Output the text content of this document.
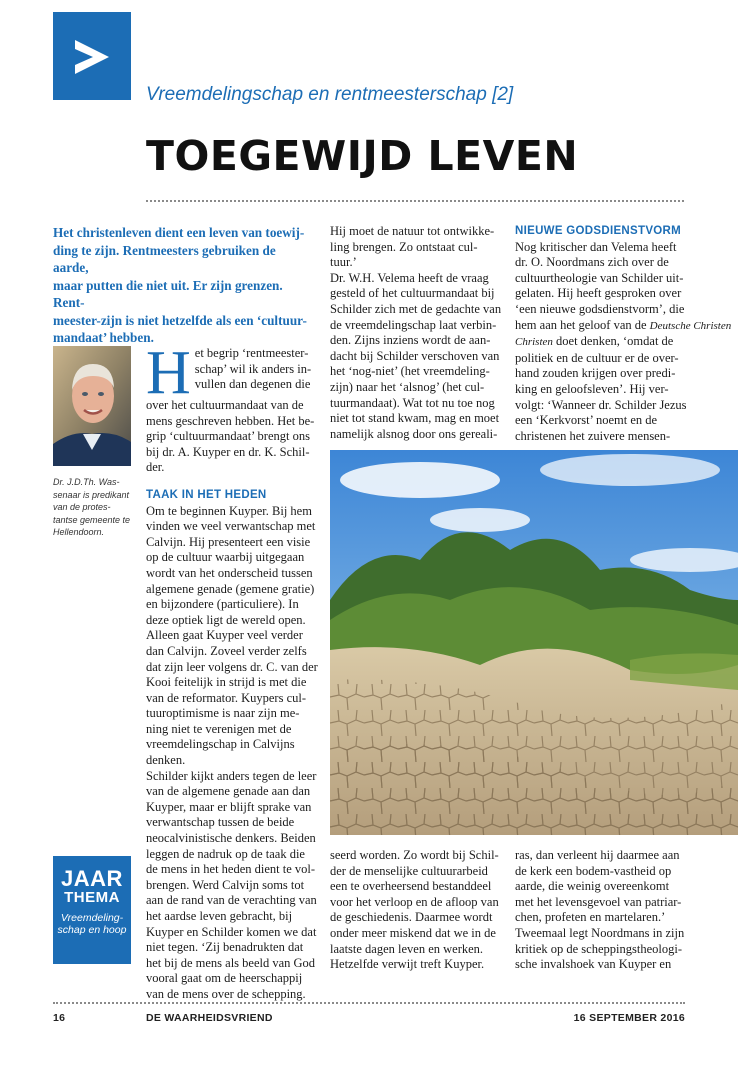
Vreemdelingschap en rentmeesterschap [2]
TOEGEWIJD LEVEN
Het christenleven dient een leven van toewij-
ding te zijn. Rentmeesters gebruiken de aarde,
maar putten die niet uit. Er zijn grenzen. Rent-
meester-zijn is niet hetzelfde als een ‘cultuur-
mandaat’ hebben.
Dr. J.D.Th. Was-
senaar is predikant
van de protes-
tantse gemeente te
Hellendoorn.
H et begrip ‘rentmeester-
schap’ wil ik anders in-
vullen dan degenen die
over het cultuurmandaat van de
mens geschreven hebben. Het be-
grip ‘cultuurmandaat’ brengt ons
bij dr. A. Kuyper en dr. K. Schil-
der.
TAAK IN HET HEDEN
Om te beginnen Kuyper. Bij hem
vinden we veel verwantschap met
Calvijn. Hij presenteert een visie
op de cultuur waarbij uitgegaan
wordt van het onderscheid tussen
algemene genade (gemene gratie)
en bijzondere (particuliere). In
deze optiek ligt de wereld open.
Alleen gaat Kuyper veel verder
dan Calvijn. Zoveel verder zelfs
dat zijn leer volgens dr. C. van der
Kooi feitelijk in strijd is met die
van de reformator. Kuypers cul-
tuuroptimisme is naar zijn me-
ning niet te verenigen met de
vreemdelingschap in Calvijns
denken.
Schilder kijkt anders tegen de leer
van de algemene genade aan dan
Kuyper, maar er blijft sprake van
verwantschap tussen de beide
neocalvinistische denkers. Beiden
leggen de nadruk op de taak die
de mens in het heden dient te vol-
brengen. Werd Calvijn soms tot
aan de rand van de verachting van
het aardse leven gebracht, bij
Kuyper en Schilder komen we dat
niet tegen. ‘Zij benadrukten dat
het bij de mens als beeld van God
vooral gaat om de heerschappij
van de mens over de schepping.
Hij moet de natuur tot ontwikke-
ling brengen. Zo ontstaat cul-
tuur.’
Dr. W.H. Velema heeft de vraag
gesteld of het cultuurmandaat bij
Schilder zich met de gedachte van
de vreemdelingschap laat verbin-
den. Zijns inziens wordt de aan-
dacht bij Schilder verschoven van
het ‘nog-niet’ (het vreemdeling-
zijn) naar het ‘alsnog’ (het cul-
tuurmandaat). Wat tot nu toe nog
niet tot stand kwam, mag en moet
namelijk alsnog door ons gereali-
NIEUWE GODSDIENSTVORM
Nog kritischer dan Velema heeft
dr. O. Noordmans zich over de
cultuurtheologie van Schilder uit-
gelaten. Hij heeft gesproken over
‘een nieuwe godsdienstvorm’, die
hem aan het geloof van de Deutsche Christen
Christen doet denken, ‘omdat de
politiek en de cultuur er de over-
hand zouden krijgen over predi-
king en geloofsleven’. Hij ver-
volgt: ‘Wanneer dr. Schilder Jezus
een ‘Kerkvorst’ noemt en de
christenen het zuivere mensen-
seerd worden. Zo wordt bij Schil-
der de menselijke cultuurarbeid
een te overheersend bestanddeel
voor het verloop en de afloop van
de geschiedenis. Daarmee wordt
onder meer miskend dat we in de
laatste dagen leven en werken.
Hetzelfde verwijt treft Kuyper.
ras, dan verleent hij daarmee aan
de kerk een bodem-vastheid op
aarde, die weinig overeenkomt
met het levensgevoel van patriar-
chen, profeten en martelaren.’
Tweemaal legt Noordmans in zijn
kritiek op de scheppingstheologi-
sche invalshoek van Kuyper en
JAAR
THEMA
Vreemdeling-
schap en hoop
16	DE WAARHEIDSVRIEND	16 SEPTEMBER 2016
